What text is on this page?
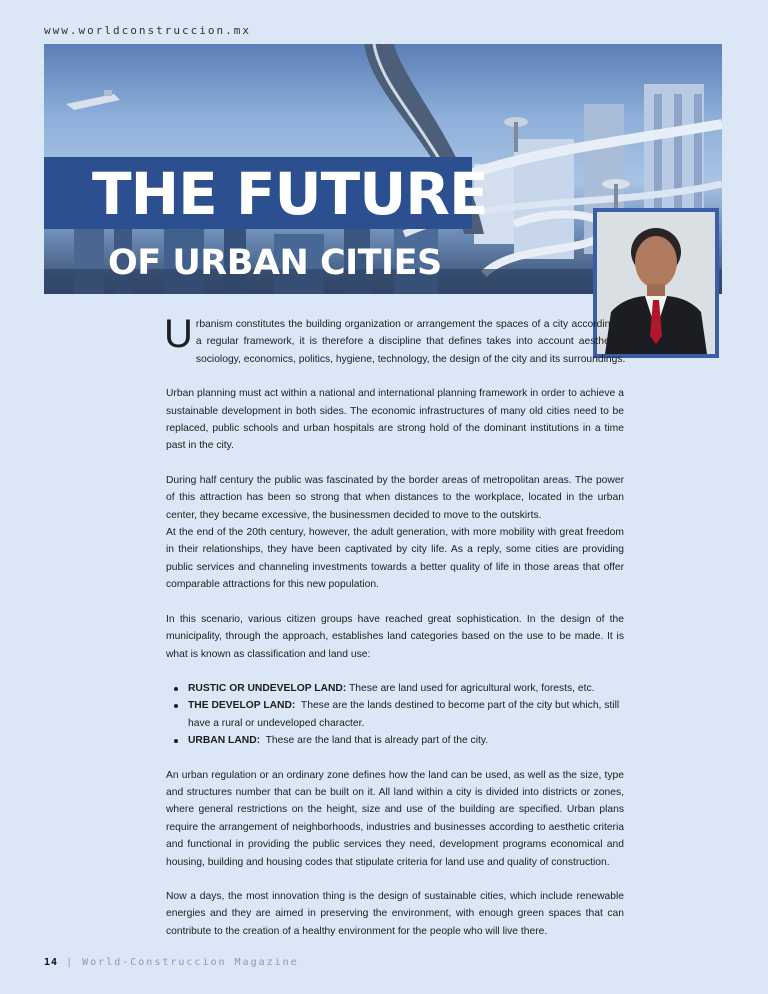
www.worldconstruccion.mx
THE FUTURE
OF URBAN CITIES

Urbanism constitutes the building organization or arrangement the spaces of a city according to a regular framework, it is therefore a discipline that defines takes into account aesthetics, sociology, economics, politics, hygiene, technology, the design of the city and its surroundings.

Urban planning must act within a national and international planning framework in order to achieve a sustainable development in both sides. The economic infrastructures of many old cities need to be replaced, public schools and urban hospitals are strong hold of the dominant institutions in a time past in the city.

During half century the public was fascinated by the border areas of metropolitan areas. The power of this attraction has been so strong that when distances to the workplace, located in the urban center, they became excessive, the businessmen decided to move to the outskirts.
At the end of the 20th century, however, the adult generation, with more mobility with great freedom in their relationships, they have been captivated by city life. As a reply, some cities are providing public services and channeling investments towards a better quality of life in those areas that offer comparable attractions for this new population.

In this scenario, various citizen groups have reached great sophistication. In the design of the municipality, through the approach, establishes land categories based on the use to be made. It is what is known as classification and land use:

RUSTIC OR UNDEVELOP LAND: These are land used for agricultural work, forests, etc.
THE DEVELOP LAND: These are the lands destined to become part of the city but which, still have a rural or undeveloped character.
URBAN LAND: These are the land that is already part of the city.

An urban regulation or an ordinary zone defines how the land can be used, as well as the size, type and structures number that can be built on it. All land within a city is divided into districts or zones, where general restrictions on the height, size and use of the building are specified. Urban plans require the arrangement of neighborhoods, industries and businesses according to aesthetic criteria and functional in providing the public services they need, development programs economical and housing, building and housing codes that stipulate criteria for land use and quality of construction.

Now a days, the most innovation thing is the design of sustainable cities, which include renewable energies and they are aimed in preserving the environment, with enough green spaces that can contribute to the creation of a healthy environment for the people who will live there.

14 | World-Construccion Magazine
